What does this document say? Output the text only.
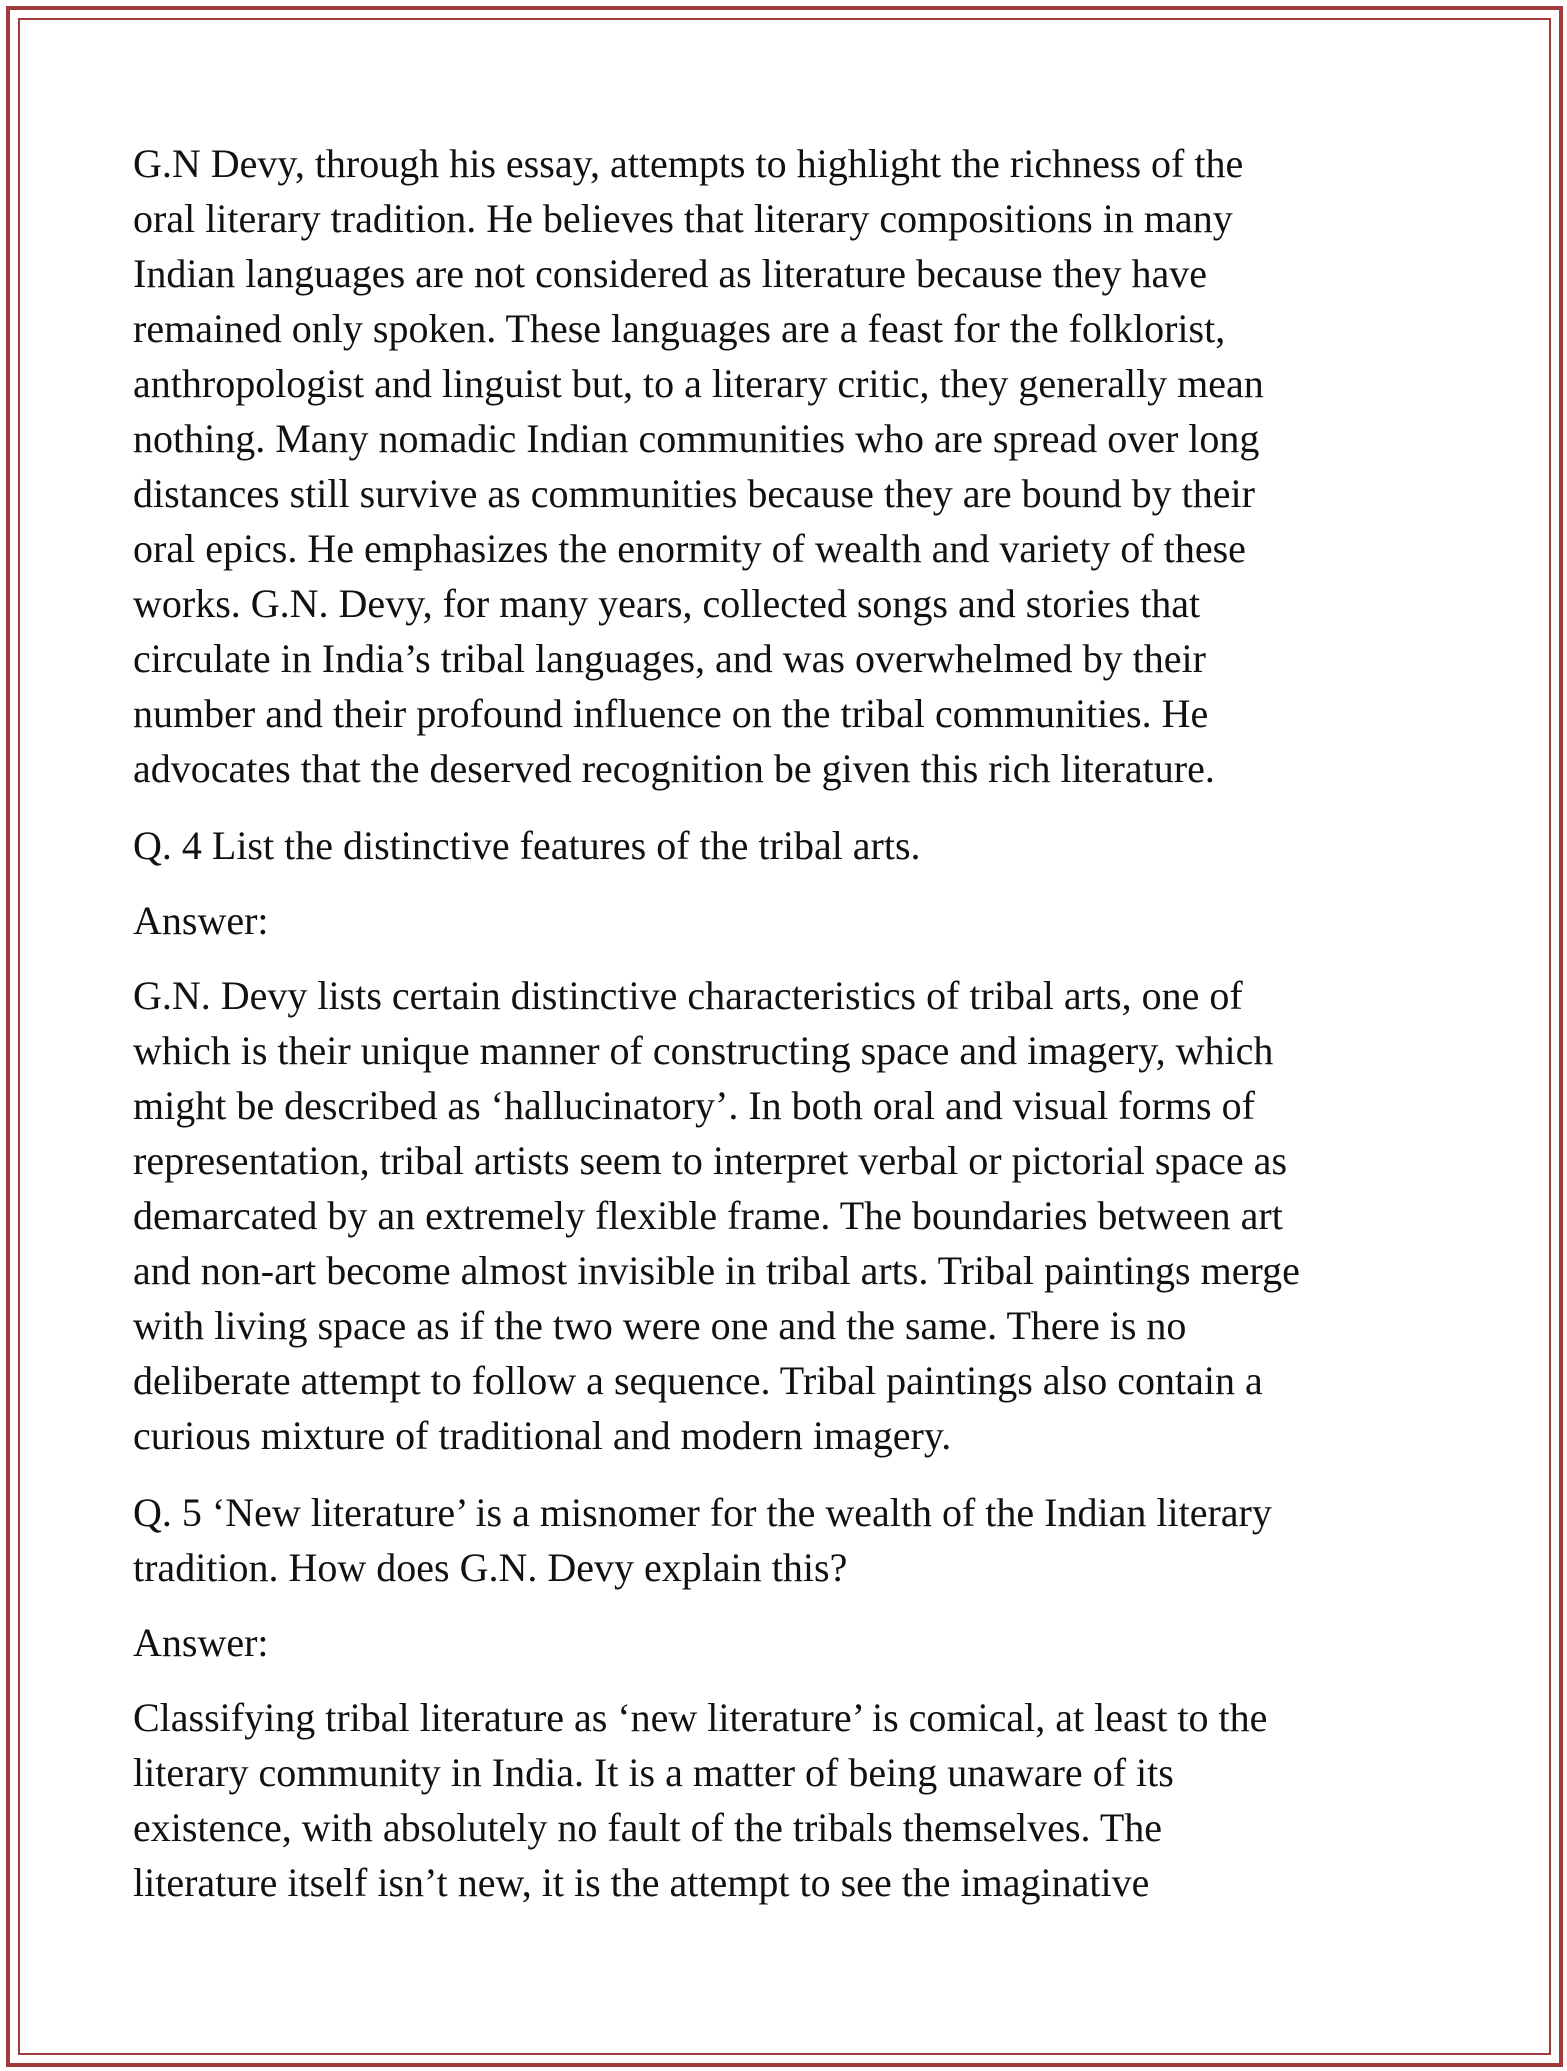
G.N Devy, through his essay, attempts to highlight the richness of the
oral literary tradition. He believes that literary compositions in many
Indian languages are not considered as literature because they have
remained only spoken. These languages are a feast for the folklorist,
anthropologist and linguist but, to a literary critic, they generally mean
nothing. Many nomadic Indian communities who are spread over long
distances still survive as communities because they are bound by their
oral epics. He emphasizes the enormity of wealth and variety of these
works. G.N. Devy, for many years, collected songs and stories that
circulate in India’s tribal languages, and was overwhelmed by their
number and their profound influence on the tribal communities. He
advocates that the deserved recognition be given this rich literature.

Q. 4 List the distinctive features of the tribal arts.

Answer:

G.N. Devy lists certain distinctive characteristics of tribal arts, one of
which is their unique manner of constructing space and imagery, which
might be described as ‘hallucinatory’. In both oral and visual forms of
representation, tribal artists seem to interpret verbal or pictorial space as
demarcated by an extremely flexible frame. The boundaries between art
and non-art become almost invisible in tribal arts. Tribal paintings merge
with living space as if the two were one and the same. There is no
deliberate attempt to follow a sequence. Tribal paintings also contain a
curious mixture of traditional and modern imagery.

Q. 5 ‘New literature’ is a misnomer for the wealth of the Indian literary
tradition. How does G.N. Devy explain this?

Answer:

Classifying tribal literature as ‘new literature’ is comical, at least to the
literary community in India. It is a matter of being unaware of its
existence, with absolutely no fault of the tribals themselves. The
literature itself isn’t new, it is the attempt to see the imaginative
